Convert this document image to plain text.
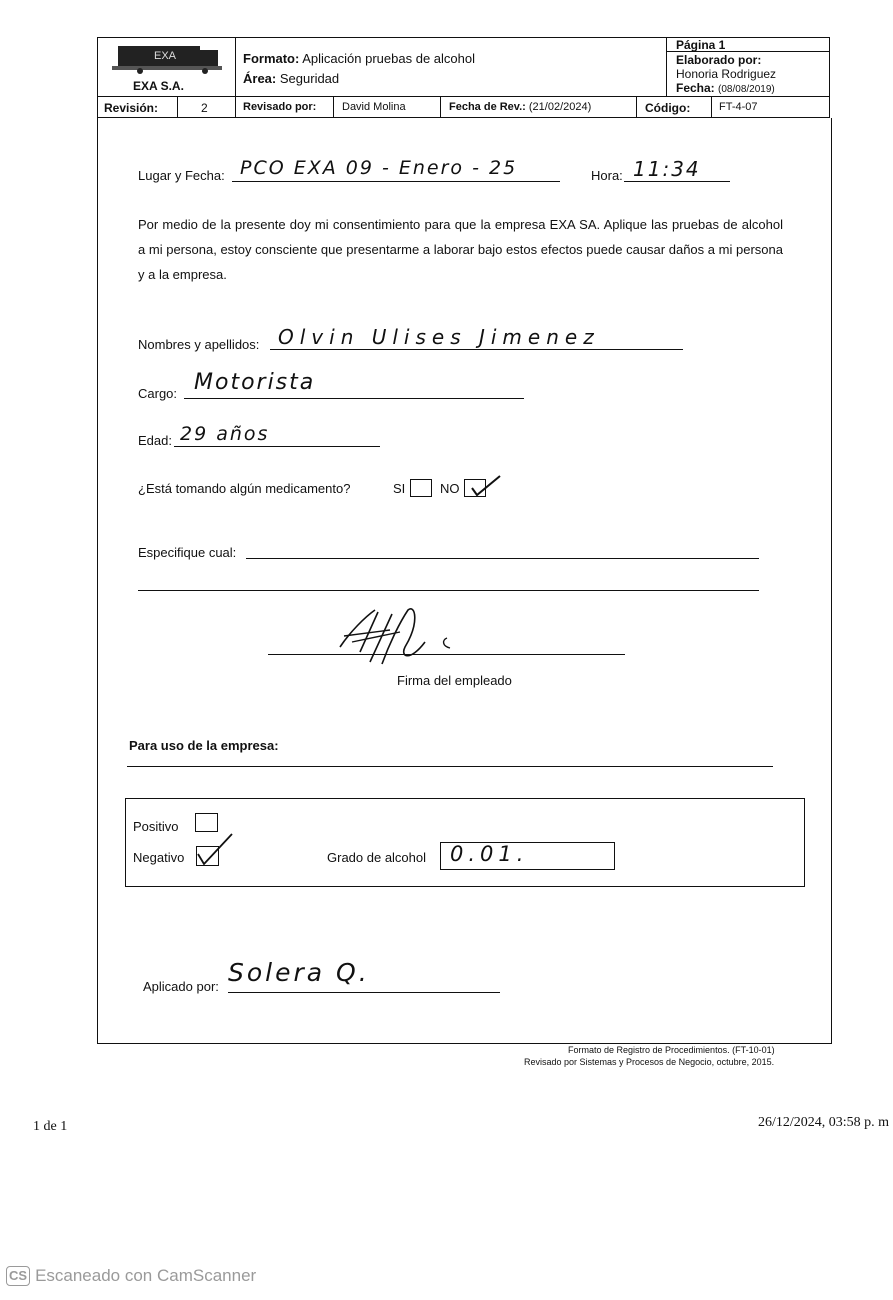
EXA
EXA S.A.
Formato: Aplicación pruebas de alcohol
Área: Seguridad
Página 1
Elaborado por:
Honoria Rodriguez
Fecha: (08/08/2019)
Revisión:	2	Revisado por: David Molina	Fecha de Rev.: (21/02/2024)	Código:	FT-4-07
Lugar y Fecha: PCO EXA 09 - Enero - 25	Hora: 11:34
Por medio de la presente doy mi consentimiento para que la empresa EXA SA. Aplique las pruebas de alcohol a mi persona, estoy consciente que presentarme a laborar bajo estos efectos puede causar daños a mi persona y a la empresa.
Nombres y apellidos: Olvin Ulises Jimenez
Cargo: Motorista
Edad: 29 años
¿Está tomando algún medicamento?	SI	NO
Especifique cual:
Firma del empleado
Para uso de la empresa:
Positivo
Negativo	Grado de alcohol 0.01.
Aplicado por: Solera Q.
Formato de Registro de Procedimientos. (FT-10-01)
Revisado por Sistemas y Procesos de Negocio, octubre, 2015.
1 de 1	26/12/2024, 03:58 p. m
CS Escaneado con CamScanner
